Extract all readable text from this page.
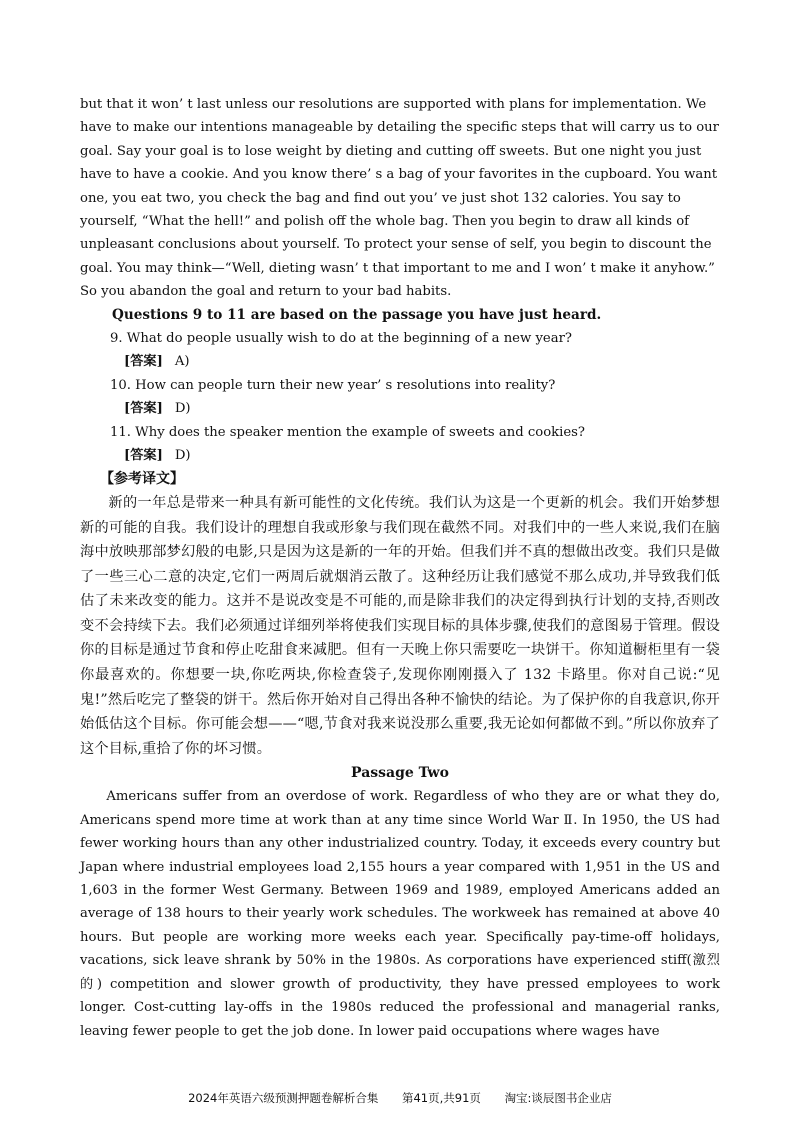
but that it won’ t last unless our resolutions are supported with plans for implementation. We have to make our intentions manageable by detailing the specific steps that will carry us to our goal. Say your goal is to lose weight by dieting and cutting off sweets. But one night you just have to have a cookie. And you know there’ s a bag of your favorites in the cupboard. You want one, you eat two, you check the bag and find out you’ ve just shot 132 calories. You say to yourself, “What the hell!” and polish off the whole bag. Then you begin to draw all kinds of unpleasant conclusions about yourself. To protect your sense of self, you begin to discount the goal. You may think—“Well, dieting wasn’ t that important to me and I won’ t make it anyhow.” So you abandon the goal and return to your bad habits.

Questions 9 to 11 are based on the passage you have just heard.

9. What do people usually wish to do at the beginning of a new year?

[答案] A)

10. How can people turn their new year’ s resolutions into reality?

[答案] D)

11. Why does the speaker mention the example of sweets and cookies?

[答案] D)

【参考译文】

新的一年总是带来一种具有新可能性的文化传统。我们认为这是一个更新的机会。我们开始梦想新的可能的自我。我们设计的理想自我或形象与我们现在截然不同。对我们中的一些人来说,我们在脑海中放映那部梦幻般的电影,只是因为这是新的一年的开始。但我们并不真的想做出改变。我们只是做了一些三心二意的决定,它们一两周后就烟消云散了。这种经历让我们感觉不那么成功,并导致我们低估了未来改变的能力。这并不是说改变是不可能的,而是除非我们的决定得到执行计划的支持,否则改变不会持续下去。我们必须通过详细列举将使我们实现目标的具体步骤,使我们的意图易于管理。假设你的目标是通过节食和停止吃甜食来减肥。但有一天晚上你只需要吃一块饼干。你知道橱柜里有一袋你最喜欢的。你想要一块,你吃两块,你检查袋子,发现你刚刚摄入了 132 卡路里。你对自己说:“见鬼!”然后吃完了整袋的饼干。然后你开始对自己得出各种不愉快的结论。为了保护你的自我意识,你开始低估这个目标。你可能会想——“嗯,节食对我来说没那么重要,我无论如何都做不到。”所以你放弃了这个目标,重拾了你的坏习惯。

Passage Two

Americans suffer from an overdose of work. Regardless of who they are or what they do, Americans spend more time at work than at any time since World War Ⅱ. In 1950, the US had fewer working hours than any other industrialized country. Today, it exceeds every country but Japan where industrial employees load 2,155 hours a year compared with 1,951 in the US and 1,603 in the former West Germany. Between 1969 and 1989, employed Americans added an average of 138 hours to their yearly work schedules. The workweek has remained at above 40 hours. But people are working more weeks each year. Specifically pay-time-off holidays, vacations, sick leave shrank by 50% in the 1980s. As corporations have experienced stiff(激烈的) competition and slower growth of productivity, they have pressed employees to work longer. Cost-cutting lay-offs in the 1980s reduced the professional and managerial ranks, leaving fewer people to get the job done. In lower paid occupations where wages have

2024年英语六级预测押题卷解析合集 第41页,共91页 淘宝:谈辰图书企业店
